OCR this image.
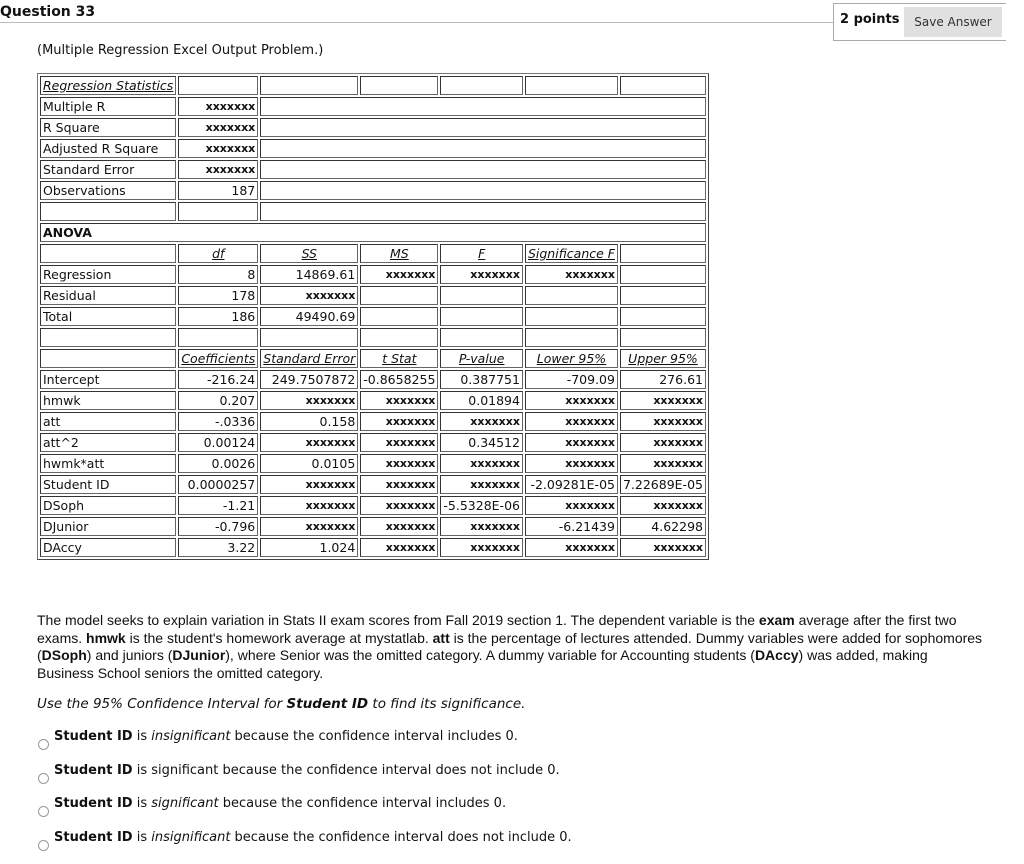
Question 33	2 points	Save Answer
(Multiple Regression Excel Output Problem.)
Regression Statistics						
Multiple R	xxxxxxx					
R Square	xxxxxxx					
Adjusted R Square	xxxxxxx					
Standard Error	xxxxxxx					
Observations	187					

ANOVA						
	df	SS	MS	F	Significance F	
Regression	8	14869.61	xxxxxxx	xxxxxxx	xxxxxxx	
Residual	178	xxxxxxx				
Total	186	49490.69				

	Coefficients	Standard Error	t Stat	P-value	Lower 95%	Upper 95%
Intercept	-216.24	249.7507872	-0.8658255	0.387751	-709.09	276.61
hmwk	0.207	xxxxxxx	xxxxxxx	0.01894	xxxxxxx	xxxxxxx
att	-.0336	0.158	xxxxxxx	xxxxxxx	xxxxxxx	xxxxxxx
att^2	0.00124	xxxxxxx	xxxxxxx	0.34512	xxxxxxx	xxxxxxx
hwmk*att	0.0026	0.0105	xxxxxxx	xxxxxxx	xxxxxxx	xxxxxxx
Student ID	0.0000257	xxxxxxx	xxxxxxx	xxxxxxx	-2.09281E-05	7.22689E-05
DSoph	-1.21	xxxxxxx	xxxxxxx	-5.5328E-06	xxxxxxx	xxxxxxx
DJunior	-0.796	xxxxxxx	xxxxxxx	xxxxxxx	-6.21439	4.62298
DAccy	3.22	1.024	xxxxxxx	xxxxxxx	xxxxxxx	xxxxxxx
The model seeks to explain variation in Stats II exam scores from Fall 2019 section 1. The dependent variable is the exam average after the first two exams. hmwk is the student's homework average at mystatlab. att is the percentage of lectures attended. Dummy variables were added for sophomores (DSoph) and juniors (DJunior), where Senior was the omitted category. A dummy variable for Accounting students (DAccy) was added, making Business School seniors the omitted category.
Use the 95% Confidence Interval for Student ID to find its significance.
Student ID is insignificant because the confidence interval includes 0.
Student ID is significant because the confidence interval does not include 0.
Student ID is significant because the confidence interval includes 0.
Student ID is insignificant because the confidence interval does not include 0.
